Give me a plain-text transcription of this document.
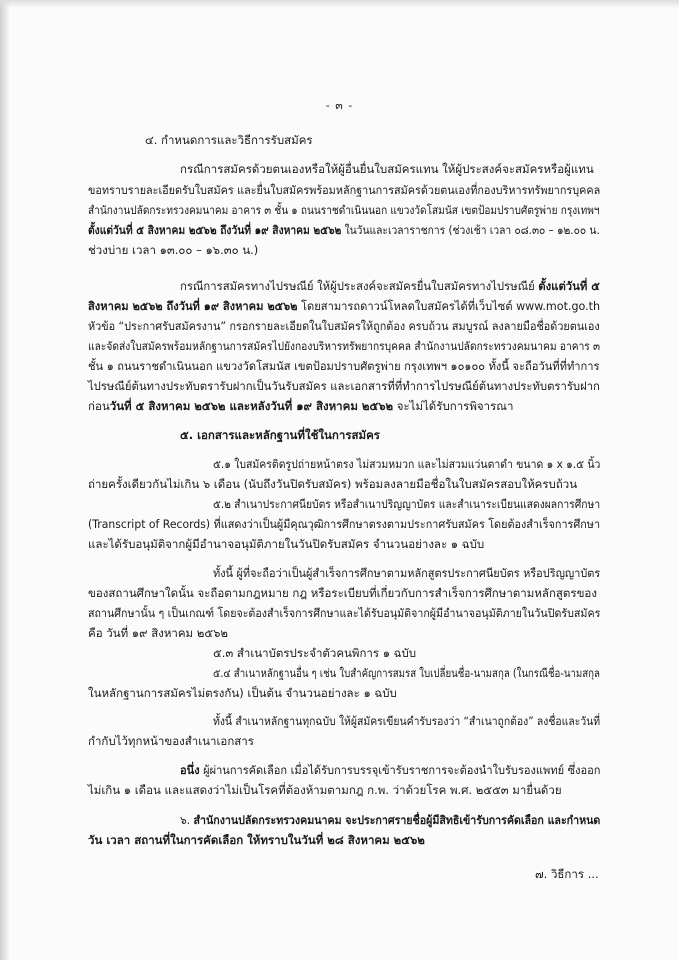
- ๓ -
๔. กำหนดการและวิธีการรับสมัคร
กรณีการสมัครด้วยตนเองหรือให้ผู้อื่นยื่นใบสมัครแทน ให้ผู้ประสงค์จะสมัครหรือผู้แทน
ขอทราบรายละเอียดรับใบสมัคร และยื่นใบสมัครพร้อมหลักฐานการสมัครด้วยตนเองที่กองบริหารทรัพยากรบุคคล
สำนักงานปลัดกระทรวงคมนาคม อาคาร ๓ ชั้น ๑ ถนนราชดำเนินนอก แขวงวัดโสมนัส เขตป้อมปราบศัตรูพ่าย กรุงเทพฯ
ตั้งแต่วันที่ ๕ สิงหาคม ๒๕๖๒ ถึงวันที่ ๑๙ สิงหาคม ๒๕๖๒ ในวันและเวลาราชการ (ช่วงเช้า เวลา ๐๘.๓๐ – ๑๒.๐๐ น.
ช่วงบ่าย เวลา ๑๓.๐๐ – ๑๖.๓๐ น.)
กรณีการสมัครทางไปรษณีย์ ให้ผู้ประสงค์จะสมัครยื่นใบสมัครทางไปรษณีย์ ตั้งแต่วันที่ ๕
สิงหาคม ๒๕๖๒ ถึงวันที่ ๑๙ สิงหาคม ๒๕๖๒ โดยสามารถดาวน์โหลดใบสมัครได้ที่เว็บไซต์ www.mot.go.th
หัวข้อ “ประกาศรับสมัครงาน” กรอกรายละเอียดในใบสมัครให้ถูกต้อง ครบถ้วน สมบูรณ์ ลงลายมือชื่อด้วยตนเอง
และจัดส่งใบสมัครพร้อมหลักฐานการสมัครไปยังกองบริหารทรัพยากรบุคคล สำนักงานปลัดกระทรวงคมนาคม อาคาร ๓
ชั้น ๑ ถนนราชดำเนินนอก แขวงวัดโสมนัส เขตป้อมปราบศัตรูพ่าย กรุงเทพฯ ๑๐๑๐๐ ทั้งนี้ จะถือวันที่ที่ทำการ
ไปรษณีย์ต้นทางประทับตรารับฝากเป็นวันรับสมัคร และเอกสารที่ที่ทำการไปรษณีย์ต้นทางประทับตรารับฝาก
ก่อนวันที่ ๕ สิงหาคม ๒๕๖๒ และหลังวันที่ ๑๙ สิงหาคม ๒๕๖๒ จะไม่ได้รับการพิจารณา
๕. เอกสารและหลักฐานที่ใช้ในการสมัคร
๕.๑ ใบสมัครติดรูปถ่ายหน้าตรง ไม่สวมหมวก และไม่สวมแว่นตาดำ ขนาด ๑ x ๑.๕ นิ้ว
ถ่ายครั้งเดียวกันไม่เกิน ๖ เดือน (นับถึงวันปิดรับสมัคร) พร้อมลงลายมือชื่อในใบสมัครสอบให้ครบถ้วน
๕.๒ สำเนาประกาศนียบัตร หรือสำเนาปริญญาบัตร และสำเนาระเบียนแสดงผลการศึกษา
(Transcript of Records) ที่แสดงว่าเป็นผู้มีคุณวุฒิการศึกษาตรงตามประกาศรับสมัคร โดยต้องสำเร็จการศึกษา
และได้รับอนุมัติจากผู้มีอำนาจอนุมัติภายในวันปิดรับสมัคร จำนวนอย่างละ ๑ ฉบับ
ทั้งนี้ ผู้ที่จะถือว่าเป็นผู้สำเร็จการศึกษาตามหลักสูตรประกาศนียบัตร หรือปริญญาบัตร
ของสถานศึกษาใดนั้น จะถือตามกฎหมาย กฎ หรือระเบียบที่เกี่ยวกับการสำเร็จการศึกษาตามหลักสูตรของ
สถานศึกษานั้น ๆ เป็นเกณฑ์ โดยจะต้องสำเร็จการศึกษาและได้รับอนุมัติจากผู้มีอำนาจอนุมัติภายในวันปิดรับสมัคร
คือ วันที่ ๑๙ สิงหาคม ๒๕๖๒
๕.๓ สำเนาบัตรประจำตัวคนพิการ ๑ ฉบับ
๕.๔ สำเนาหลักฐานอื่น ๆ เช่น ใบสำคัญการสมรส ใบเปลี่ยนชื่อ-นามสกุล (ในกรณีชื่อ-นามสกุล
ในหลักฐานการสมัครไม่ตรงกัน) เป็นต้น จำนวนอย่างละ ๑ ฉบับ
ทั้งนี้ สำเนาหลักฐานทุกฉบับ ให้ผู้สมัครเขียนคำรับรองว่า “สำเนาถูกต้อง” ลงชื่อและวันที่
กำกับไว้ทุกหน้าของสำเนาเอกสาร
อนึ่ง ผู้ผ่านการคัดเลือก เมื่อได้รับการบรรจุเข้ารับราชการจะต้องนำใบรับรองแพทย์ ซึ่งออก
ไม่เกิน ๑ เดือน และแสดงว่าไม่เป็นโรคที่ต้องห้ามตามกฎ ก.พ. ว่าด้วยโรค พ.ศ. ๒๕๕๓ มายื่นด้วย
๖. สำนักงานปลัดกระทรวงคมนาคม จะประกาศรายชื่อผู้มีสิทธิเข้ารับการคัดเลือก และกำหนด
วัน เวลา สถานที่ในการคัดเลือก ให้ทราบในวันที่ ๒๘ สิงหาคม ๒๕๖๒
๗. วิธีการ ...
